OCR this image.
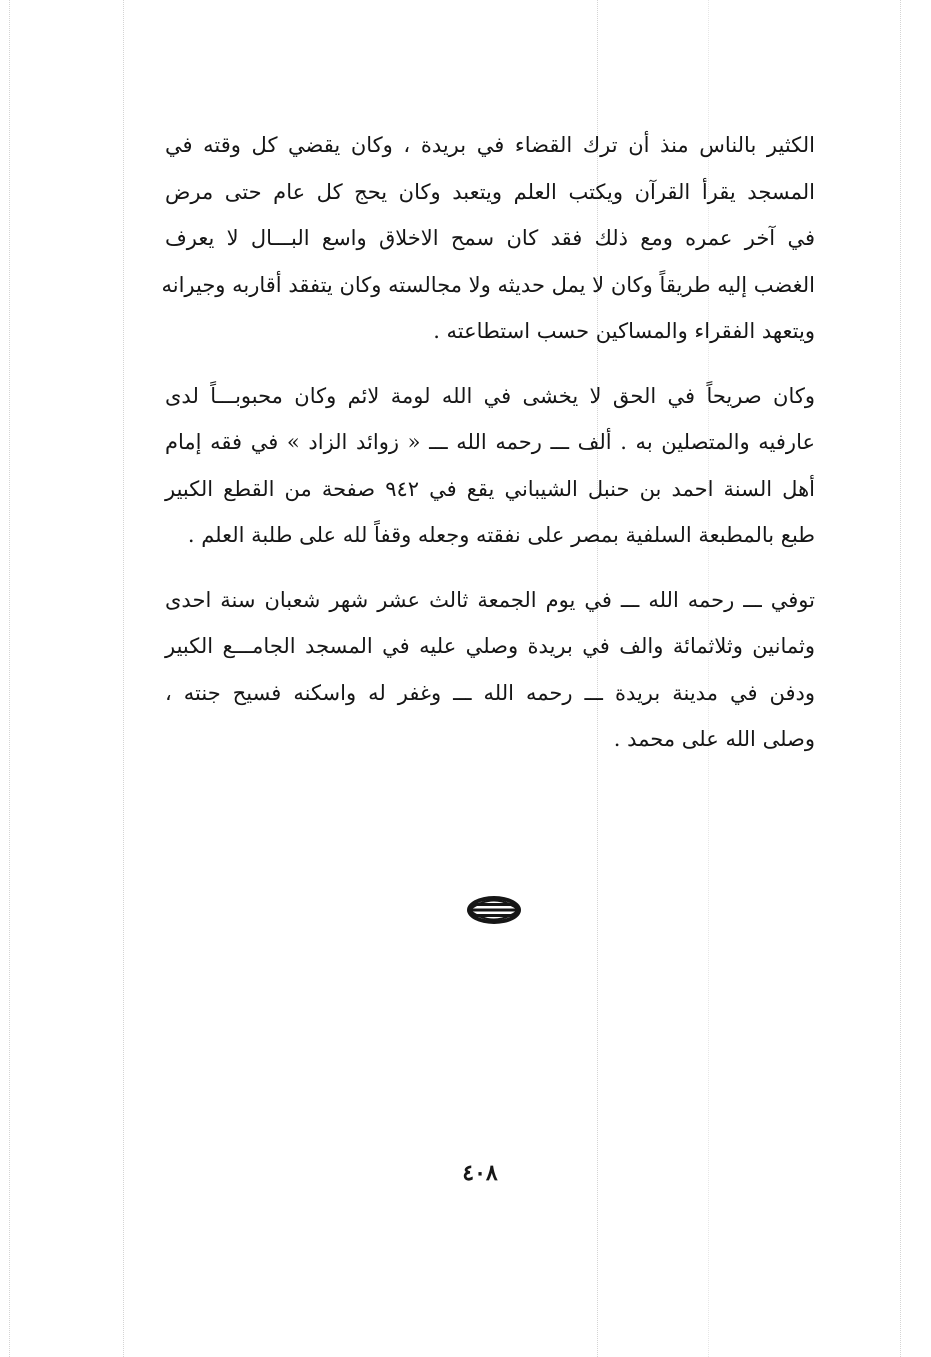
الكثير بالناس منذ أن ترك القضاء في بريدة ، وكان يقضي كل وقته في
المسجد يقرأ القرآن ويكتب العلم ويتعبد وكان يحج كل عام حتى مرض
في آخر عمره ومع ذلك فقد كان سمح الاخلاق واسع البـــال لا يعرف
الغضب إليه طريقاً وكان لا يمل حديثه ولا مجالسته وكان يتفقد أقاربه وجيرانه
ويتعهد الفقراء والمساكين حسب استطاعته .

وكان صريحاً في الحق لا يخشى في الله لومة لائم وكان محبوبـــاً لدى
عارفيه والمتصلين به . ألف ـــ رحمه الله ـــ « زوائد الزاد » في فقه إمام
أهل السنة احمد بن حنبل الشيباني يقع في ٩٤٢ صفحة من القطع الكبير
طبع بالمطبعة السلفية بمصر على نفقته وجعله وقفاً لله على طلبة العلم .

توفي ـــ رحمه الله ـــ في يوم الجمعة ثالث عشر شهر شعبان سنة احدى
وثمانين وثلاثمائة والف في بريدة وصلي عليه في المسجد الجامـــع الكبير
ودفن في مدينة بريدة ـــ رحمه الله ـــ وغفر له واسكنه فسيح جنته ،
وصلى الله على محمد .

٤٠٨
